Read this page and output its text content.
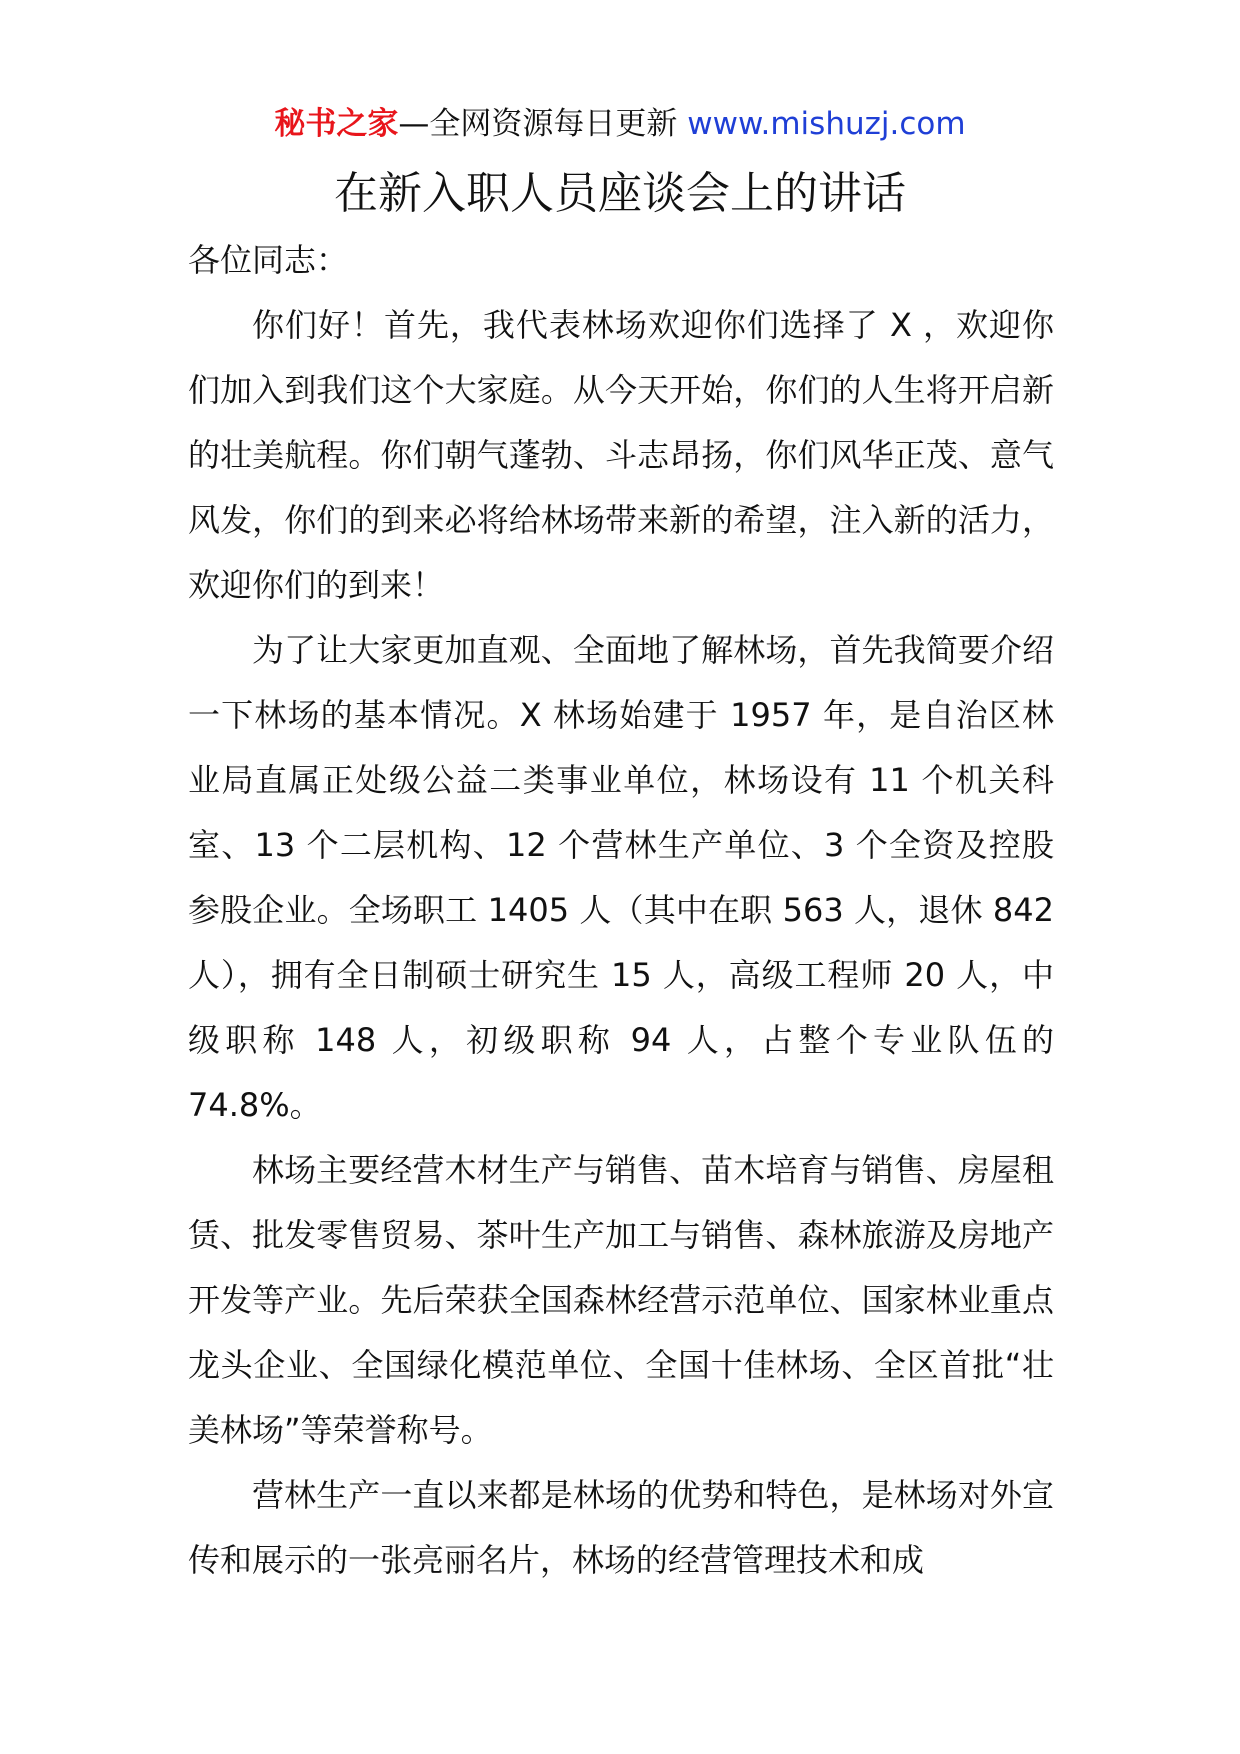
秘书之家—全网资源每日更新 www.mishuzj.com
在新入职人员座谈会上的讲话

各位同志：

你们好！首先，我代表林场欢迎你们选择了 X ，欢迎你们加入到我们这个大家庭。从今天开始，你们的人生将开启新的壮美航程。你们朝气蓬勃、斗志昂扬，你们风华正茂、意气风发，你们的到来必将给林场带来新的希望，注入新的活力，欢迎你们的到来！

为了让大家更加直观、全面地了解林场，首先我简要介绍一下林场的基本情况。X 林场始建于 1957 年，是自治区林业局直属正处级公益二类事业单位，林场设有 11 个机关科室、13 个二层机构、12 个营林生产单位、3 个全资及控股参股企业。全场职工 1405 人（其中在职 563 人，退休 842 人），拥有全日制硕士研究生 15 人，高级工程师 20 人，中级职称 148 人，初级职称 94 人，占整个专业队伍的 74.8%。

林场主要经营木材生产与销售、苗木培育与销售、房屋租赁、批发零售贸易、茶叶生产加工与销售、森林旅游及房地产开发等产业。先后荣获全国森林经营示范单位、国家林业重点龙头企业、全国绿化模范单位、全国十佳林场、全区首批“壮美林场”等荣誉称号。

营林生产一直以来都是林场的优势和特色，是林场对外宣传和展示的一张亮丽名片，林场的经营管理技术和成
